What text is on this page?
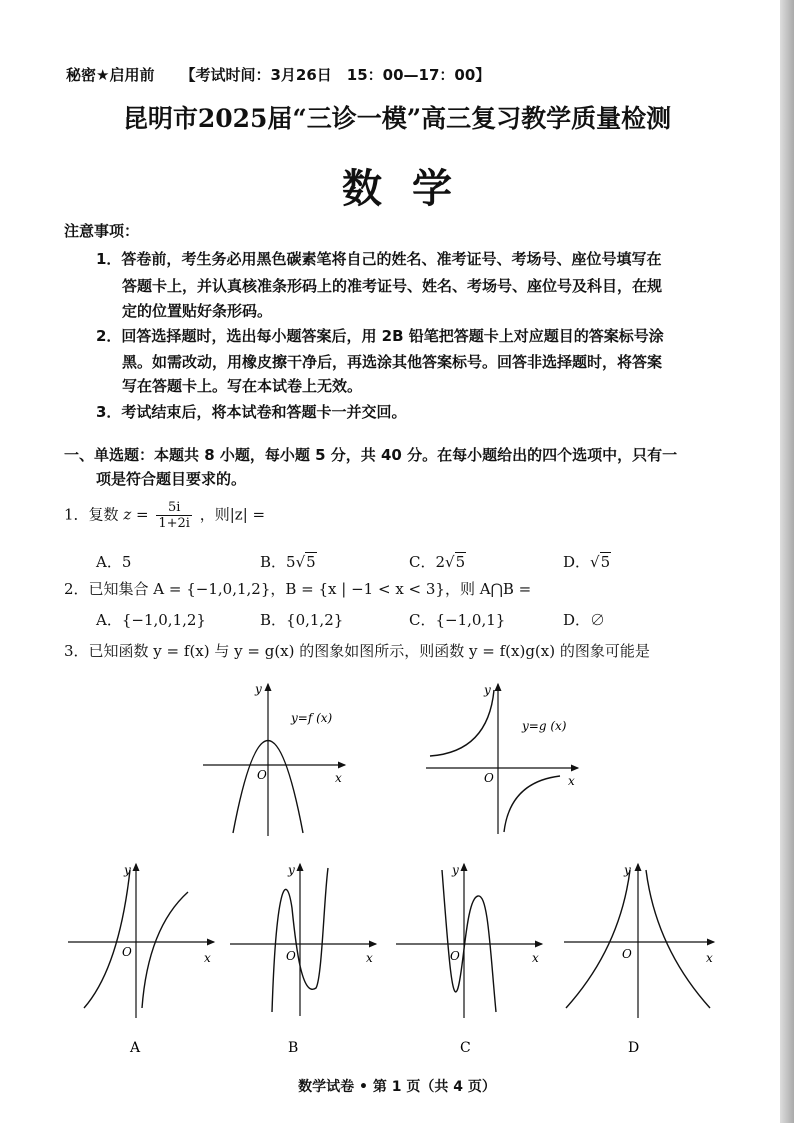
秘密★启用前 【考试时间：3月26日　15：00—17：00】
昆明市2025届“三诊一模”高三复习教学质量检测
数学
注意事项：
1．答卷前，考生务必用黑色碳素笔将自己的姓名、准考证号、考场号、座位号填写在
答题卡上，并认真核准条形码上的准考证号、姓名、考场号、座位号及科目，在规
定的位置贴好条形码。
2．回答选择题时，选出每小题答案后，用 2B 铅笔把答题卡上对应题目的答案标号涂
黑。如需改动，用橡皮擦干净后，再选涂其他答案标号。回答非选择题时，将答案
写在答题卡上。写在本试卷上无效。
3．考试结束后，将本试卷和答题卡一并交回。
一、单选题：本题共 8 小题，每小题 5 分，共 40 分。在每小题给出的四个选项中，只有一
项是符合题目要求的。
1．复数 $z = \frac{5i}{1+2i}$ ，则|z| =
A．5	B．5√5	C．2√5	D．√5
2．已知集合 A = {−1,0,1,2}，B = {x | −1 < x < 3}，则 A⋂B =
A．{−1,0,1,2}	B．{0,1,2}	C．{−1,0,1}	D．∅
3．已知函数 y = f(x) 与 y = g(x) 的图象如图所示，则函数 y = f(x)g(x) 的图象可能是
y
x
O
y=f (x)
y
x
O
y=g (x)
y
x
O
A
y
x
O
B
y
x
O
C
y
x
O
D
数学试卷 • 第 1 页（共 4 页）
